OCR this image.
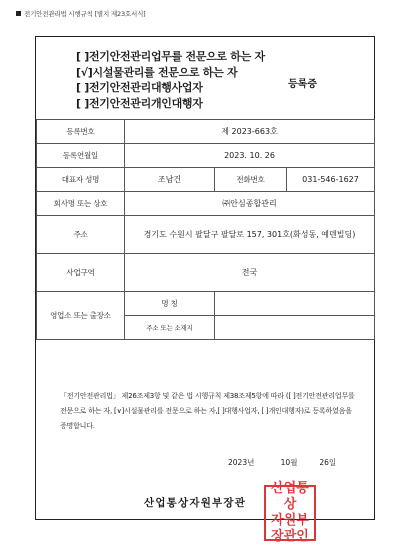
전기안전관리법 시행규칙 [별지 제23호서식]
[ ]전기안전관리업무를 전문으로 하는 자
[√]시설물관리를 전문으로 하는 자
[ ]전기안전관리대행사업자
[ ]전기안전관리개인대행자
등록증
등록번호	제 2023-663호		
등록연월일	2023. 10. 26		
대표자 성명	조남건	전화번호	031-546-1627
회사명 또는 상호	㈜안심종합관리		
주소	경기도 수원시 팔달구 팔달로 157, 301호(화성동, 예덴빌딩)		
사업구역	전국		
영업소 또는 출장소	명 칭		
	주소 또는 소재지		
「전기안전관리법」 제26조제3항 및 같은 법 시행규칙 제38조제5항에 따라 ([ ]전기안전관리업무를 전문으로 하는 자, [∨]시설물관리를 전문으로 하는 자,[ ]대행사업자, [ ]개인대행자)로 등록하였음을 증명합니다.
2023년	10월	26일
산업통상자원부장관
산업통상
자원부
장관인
